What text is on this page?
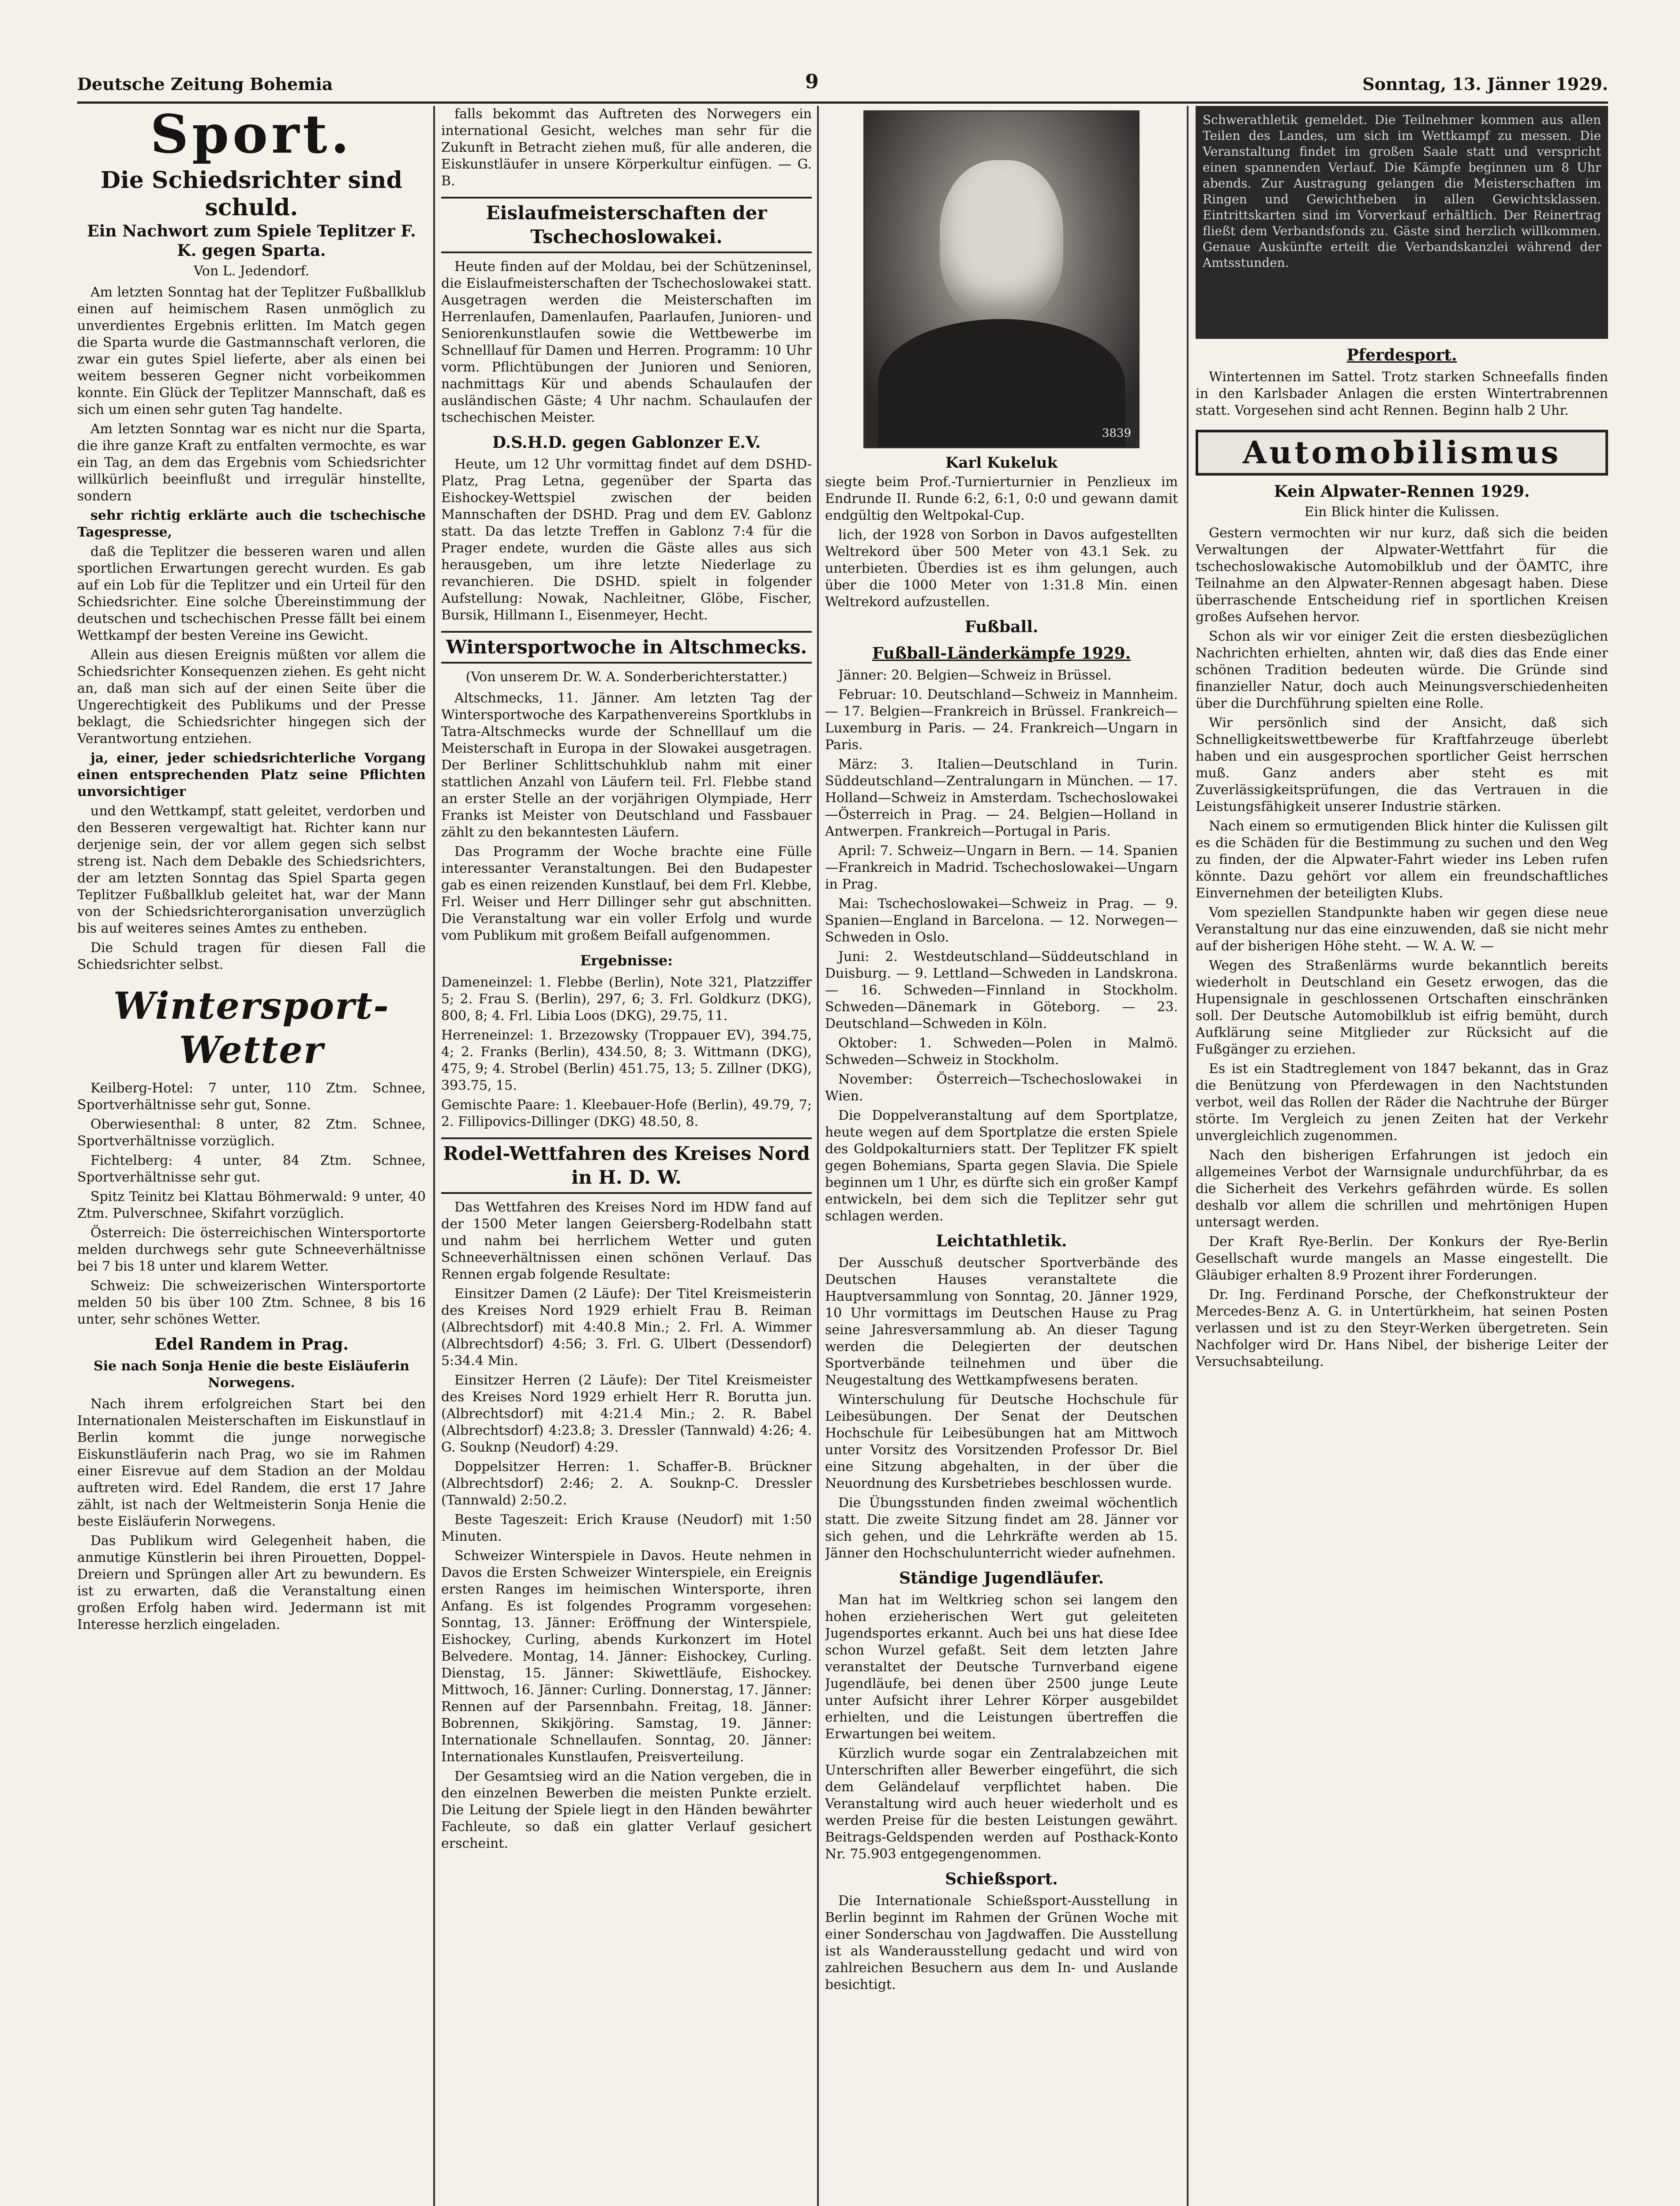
Deutsche Zeitung Bohemia	9	Sonntag, 13. Jänner 1929.
Sport.
Die Schiedsrichter sind schuld.
Ein Nachwort zum Spiele Teplitzer F. K. gegen Sparta.
Von L. Jedendorf.

Am letzten Sonntag hat der Teplitzer Fußballklub einen auf heimischem Rasen unmöglich zu unverdientes Ergebnis erlitten. Im Match gegen die Sparta wurde die Gastmannschaft verloren, die zwar ein gutes Spiel lieferte, aber als einen bei weitem besseren Gegner nicht vorbeikommen konnte. Ein Glück der Teplitzer Mannschaft, daß es sich um einen sehr guten Tag handelte.

Am letzten Sonntag war es nicht nur die Sparta, die ihre ganze Kraft zu entfalten vermochte, es war ein Tag, an dem das Ergebnis vom Schiedsrichter willkürlich beeinflußt und irregulär hinstellte, sondern

sehr richtig erklärte auch die tschechische Tagespresse,

daß die Teplitzer die besseren waren und allen sportlichen Erwartungen gerecht wurden. Es gab auf ein Lob für die Teplitzer und ein Urteil für den Schiedsrichter. Eine solche Übereinstimmung der deutschen und tschechischen Presse fällt bei einem Wettkampf der besten Vereine ins Gewicht.

Allein aus diesen Ereignis müßten vor allem die Schiedsrichter Konsequenzen ziehen. Es geht nicht an, daß man sich auf der einen Seite über die Ungerechtigkeit des Publikums und der Presse beklagt, die Schiedsrichter hingegen sich der Verantwortung entziehen.

ja, einer, jeder schiedsrichterliche Vorgang einen entsprechenden Platz seine Pflichten unvorsichtiger

und den Wettkampf, statt geleitet, verdorben und den Besseren vergewaltigt hat. Richter kann nur derjenige sein, der vor allem gegen sich selbst streng ist. Nach dem Debakle des Schiedsrichters, der am letzten Sonntag das Spiel Sparta gegen Teplitzer Fußballklub geleitet hat, war der Mann von der Schiedsrichterorganisation unverzüglich bis auf weiteres seines Amtes zu entheben.

Die Schuld tragen für diesen Fall die Schiedsrichter selbst.

Wintersport-Wetter

Keilberg-Hotel: 7 unter, 110 Ztm. Schnee, Sportverhältnisse sehr gut, Sonne.

Oberwiesenthal: 8 unter, 82 Ztm. Schnee, Sportverhältnisse vorzüglich.

Fichtelberg: 4 unter, 84 Ztm. Schnee, Sportverhältnisse sehr gut.

Spitz Teinitz bei Klattau Böhmerwald: 9 unter, 40 Ztm. Pulverschnee, Skifahrt vorzüglich.

Österreich: Die österreichischen Wintersportorte melden durchwegs sehr gute Schneeverhältnisse bei 7 bis 18 unter und klarem Wetter.

Schweiz: Die schweizerischen Wintersportorte melden 50 bis über 100 Ztm. Schnee, 8 bis 16 unter, sehr schönes Wetter.

Edel Randem in Prag.
Sie nach Sonja Henie die beste Eisläuferin Norwegens.

Nach ihrem erfolgreichen Start bei den Internationalen Meisterschaften im Eiskunstlauf in Berlin kommt die junge norwegische Eiskunstläuferin nach Prag, wo sie im Rahmen einer Eisrevue auf dem Stadion an der Moldau auftreten wird. Edel Randem, die erst 17 Jahre zählt, ist nach der Weltmeisterin Sonja Henie die beste Eisläuferin Norwegens.

Das Publikum wird Gelegenheit haben, die anmutige Künstlerin bei ihren Pirouetten, Doppel-Dreiern und Sprüngen aller Art zu bewundern. Es ist zu erwarten, daß die Veranstaltung einen großen Erfolg haben wird. Jedermann ist mit Interesse herzlich eingeladen.

falls bekommt das Auftreten des Norwegers ein international Gesicht, welches man sehr für die Zukunft in Betracht ziehen muß, für alle anderen, die Eiskunstläufer in unsere Körperkultur einfügen. — G. B.

Eislaufmeisterschaften der Tschechoslowakei.

Heute finden auf der Moldau, bei der Schützeninsel, die Eislaufmeisterschaften der Tschechoslowakei statt. Ausgetragen werden die Meisterschaften im Herrenlaufen, Damenlaufen, Paarlaufen, Junioren- und Seniorenkunstlaufen sowie die Wettbewerbe im Schnelllauf für Damen und Herren. Programm: 10 Uhr vorm. Pflichtübungen der Junioren und Senioren, nachmittags Kür und abends Schaulaufen der ausländischen Gäste; 4 Uhr nachm. Schaulaufen der tschechischen Meister.

D.S.H.D. gegen Gablonzer E.V.

Heute, um 12 Uhr vormittag findet auf dem DSHD-Platz, Prag Letna, gegenüber der Sparta das Eishockey-Wettspiel zwischen der beiden Mannschaften der DSHD. Prag und dem EV. Gablonz statt. Da das letzte Treffen in Gablonz 7:4 für die Prager endete, wurden die Gäste alles aus sich herausgeben, um ihre letzte Niederlage zu revanchieren. Die DSHD. spielt in folgender Aufstellung: Nowak, Nachleitner, Glöbe, Fischer, Bursik, Hillmann I., Eisenmeyer, Hecht.

Wintersportwoche in Altschmecks.
(Von unserem Dr. W. A. Sonderberichterstatter.)

Altschmecks, 11. Jänner. Am letzten Tag der Wintersportwoche des Karpathenvereins Sportklubs in Tatra-Altschmecks wurde der Schnelllauf um die Meisterschaft in Europa in der Slowakei ausgetragen. Der Berliner Schlittschuhklub nahm mit einer stattlichen Anzahl von Läufern teil. Frl. Flebbe stand an erster Stelle an der vorjährigen Olympiade, Herr Franks ist Meister von Deutschland und Fassbauer zählt zu den bekanntesten Läufern.

Das Programm der Woche brachte eine Fülle interessanter Veranstaltungen. Bei den Budapester gab es einen reizenden Kunstlauf, bei dem Frl. Klebbe, Frl. Weiser und Herr Dillinger sehr gut abschnitten. Die Veranstaltung war ein voller Erfolg und wurde vom Publikum mit großem Beifall aufgenommen.

Ergebnisse:

Dameneinzel: 1. Flebbe (Berlin), Note 321, Platzziffer 5; 2. Frau S. (Berlin), 297, 6; 3. Frl. Goldkurz (DKG), 800, 8; 4. Frl. Libia Loos (DKG), 29.75, 11.

Herreneinzel: 1. Brzezowsky (Troppauer EV), 394.75, 4; 2. Franks (Berlin), 434.50, 8; 3. Wittmann (DKG), 475, 9; 4. Strobel (Berlin) 451.75, 13; 5. Zillner (DKG), 393.75, 15.

Gemischte Paare: 1. Kleebauer-Hofe (Berlin), 49.79, 7; 2. Fillipovics-Dillinger (DKG) 48.50, 8.

Rodel-Wettfahren des Kreises Nord in H. D. W.

Das Wettfahren des Kreises Nord im HDW fand auf der 1500 Meter langen Geiersberg-Rodelbahn statt und nahm bei herrlichem Wetter und guten Schneeverhältnissen einen schönen Verlauf. Das Rennen ergab folgende Resultate:

Einsitzer Damen (2 Läufe): Der Titel Kreismeisterin des Kreises Nord 1929 erhielt Frau B. Reiman (Albrechtsdorf) mit 4:40.8 Min.; 2. Frl. A. Wimmer (Albrechtsdorf) 4:56; 3. Frl. G. Ulbert (Dessendorf) 5:34.4 Min.

Einsitzer Herren (2 Läufe): Der Titel Kreismeister des Kreises Nord 1929 erhielt Herr R. Borutta jun. (Albrechtsdorf) mit 4:21.4 Min.; 2. R. Babel (Albrechtsdorf) 4:23.8; 3. Dressler (Tannwald) 4:26; 4. G. Souknp (Neudorf) 4:29.

Doppelsitzer Herren: 1. Schaffer-B. Brückner (Albrechtsdorf) 2:46; 2. A. Souknp-C. Dressler (Tannwald) 2:50.2.

Beste Tageszeit: Erich Krause (Neudorf) mit 1:50 Minuten.

Schweizer Winterspiele in Davos. Heute nehmen in Davos die Ersten Schweizer Winterspiele, ein Ereignis ersten Ranges im heimischen Wintersporte, ihren Anfang. Es ist folgendes Programm vorgesehen: Sonntag, 13. Jänner: Eröffnung der Winterspiele, Eishockey, Curling, abends Kurkonzert im Hotel Belvedere. Montag, 14. Jänner: Eishockey, Curling. Dienstag, 15. Jänner: Skiwettläufe, Eishockey. Mittwoch, 16. Jänner: Curling. Donnerstag, 17. Jänner: Rennen auf der Parsennbahn. Freitag, 18. Jänner: Bobrennen, Skikjöring. Samstag, 19. Jänner: Internationale Schnellaufen. Sonntag, 20. Jänner: Internationales Kunstlaufen, Preisverteilung.

Der Gesamtsieg wird an die Nation vergeben, die in den einzelnen Bewerben die meisten Punkte erzielt. Die Leitung der Spiele liegt in den Händen bewährter Fachleute, so daß ein glatter Verlauf gesichert erscheint.

3839
Karl Kukeluk

siegte beim Prof.-Turnierturnier in Penzlieux im Endrunde II. Runde 6:2, 6:1, 0:0 und gewann damit endgültig den Weltpokal-Cup.

lich, der 1928 von Sorbon in Davos aufgestellten Weltrekord über 500 Meter von 43.1 Sek. zu unterbieten. Überdies ist es ihm gelungen, auch über die 1000 Meter von 1:31.8 Min. einen Weltrekord aufzustellen.

Fußball.
Fußball-Länderkämpfe 1929.

Jänner: 20. Belgien—Schweiz in Brüssel.

Februar: 10. Deutschland—Schweiz in Mannheim. — 17. Belgien—Frankreich in Brüssel. Frankreich—Luxemburg in Paris. — 24. Frankreich—Ungarn in Paris.

März: 3. Italien—Deutschland in Turin. Süddeutschland—Zentralungarn in München. — 17. Holland—Schweiz in Amsterdam. Tschechoslowakei—Österreich in Prag. — 24. Belgien—Holland in Antwerpen. Frankreich—Portugal in Paris.

April: 7. Schweiz—Ungarn in Bern. — 14. Spanien—Frankreich in Madrid. Tschechoslowakei—Ungarn in Prag.

Mai: Tschechoslowakei—Schweiz in Prag. — 9. Spanien—England in Barcelona. — 12. Norwegen—Schweden in Oslo.

Juni: 2. Westdeutschland—Süddeutschland in Duisburg. — 9. Lettland—Schweden in Landskrona. — 16. Schweden—Finnland in Stockholm. Schweden—Dänemark in Göteborg. — 23. Deutschland—Schweden in Köln.

Oktober: 1. Schweden—Polen in Malmö. Schweden—Schweiz in Stockholm.

November: Österreich—Tschechoslowakei in Wien.

Die Doppelveranstaltung auf dem Sportplatze, heute wegen auf dem Sportplatze die ersten Spiele des Goldpokalturniers statt. Der Teplitzer FK spielt gegen Bohemians, Sparta gegen Slavia. Die Spiele beginnen um 1 Uhr, es dürfte sich ein großer Kampf entwickeln, bei dem sich die Teplitzer sehr gut schlagen werden.

Leichtathletik.

Der Ausschuß deutscher Sportverbände des Deutschen Hauses veranstaltete die Hauptversammlung von Sonntag, 20. Jänner 1929, 10 Uhr vormittags im Deutschen Hause zu Prag seine Jahresversammlung ab. An dieser Tagung werden die Delegierten der deutschen Sportverbände teilnehmen und über die Neugestaltung des Wettkampfwesens beraten.

Winterschulung für Deutsche Hochschule für Leibesübungen. Der Senat der Deutschen Hochschule für Leibesübungen hat am Mittwoch unter Vorsitz des Vorsitzenden Professor Dr. Biel eine Sitzung abgehalten, in der über die Neuordnung des Kursbetriebes beschlossen wurde.

Die Übungsstunden finden zweimal wöchentlich statt. Die zweite Sitzung findet am 28. Jänner vor sich gehen, und die Lehrkräfte werden ab 15. Jänner den Hochschulunterricht wieder aufnehmen.

Ständige Jugendläufer.

Man hat im Weltkrieg schon sei langem den hohen erzieherischen Wert gut geleiteten Jugendsportes erkannt. Auch bei uns hat diese Idee schon Wurzel gefaßt. Seit dem letzten Jahre veranstaltet der Deutsche Turnverband eigene Jugendläufe, bei denen über 2500 junge Leute unter Aufsicht ihrer Lehrer Körper ausgebildet erhielten, und die Leistungen übertreffen die Erwartungen bei weitem.

Kürzlich wurde sogar ein Zentralabzeichen mit Unterschriften aller Bewerber eingeführt, die sich dem Geländelauf verpflichtet haben. Die Veranstaltung wird auch heuer wiederholt und es werden Preise für die besten Leistungen gewährt. Beitrags-Geldspenden werden auf Posthack-Konto Nr. 75.903 entgegengenommen.

Schießsport.

Die Internationale Schießsport-Ausstellung in Berlin beginnt im Rahmen der Grünen Woche mit einer Sonderschau von Jagdwaffen. Die Ausstellung ist als Wanderausstellung gedacht und wird von zahlreichen Besuchern aus dem In- und Auslande besichtigt.

Schwerathletik gemeldet. Die Teilnehmer kommen aus allen Teilen des Landes, um sich im Wettkampf zu messen. Die Veranstaltung findet im großen Saale statt und verspricht einen spannenden Verlauf. Die Kämpfe beginnen um 8 Uhr abends. Zur Austragung gelangen die Meisterschaften im Ringen und Gewichtheben in allen Gewichtsklassen. Eintrittskarten sind im Vorverkauf erhältlich. Der Reinertrag fließt dem Verbandsfonds zu. Gäste sind herzlich willkommen. Genaue Auskünfte erteilt die Verbandskanzlei während der Amtsstunden.
Pferdesport.

Wintertennen im Sattel. Trotz starken Schneefalls finden in den Karlsbader Anlagen die ersten Wintertrabrennen statt. Vorgesehen sind acht Rennen. Beginn halb 2 Uhr.

Automobilismus
Kein Alpwater-Rennen 1929.
Ein Blick hinter die Kulissen.

Gestern vermochten wir nur kurz, daß sich die beiden Verwaltungen der Alpwater-Wettfahrt für die tschechoslowakische Automobilklub und der ÖAMTC, ihre Teilnahme an den Alpwater-Rennen abgesagt haben. Diese überraschende Entscheidung rief in sportlichen Kreisen großes Aufsehen hervor.

Schon als wir vor einiger Zeit die ersten diesbezüglichen Nachrichten erhielten, ahnten wir, daß dies das Ende einer schönen Tradition bedeuten würde. Die Gründe sind finanzieller Natur, doch auch Meinungsverschiedenheiten über die Durchführung spielten eine Rolle.

Wir persönlich sind der Ansicht, daß sich Schnelligkeitswettbewerbe für Kraftfahrzeuge überlebt haben und ein ausgesprochen sportlicher Geist herrschen muß. Ganz anders aber steht es mit Zuverlässigkeitsprüfungen, die das Vertrauen in die Leistungsfähigkeit unserer Industrie stärken.

Nach einem so ermutigenden Blick hinter die Kulissen gilt es die Schäden für die Bestimmung zu suchen und den Weg zu finden, der die Alpwater-Fahrt wieder ins Leben rufen könnte. Dazu gehört vor allem ein freundschaftliches Einvernehmen der beteiligten Klubs.

Vom speziellen Standpunkte haben wir gegen diese neue Veranstaltung nur das eine einzuwenden, daß sie nicht mehr auf der bisherigen Höhe steht. — W. A. W. —

Wegen des Straßenlärms wurde bekanntlich bereits wiederholt in Deutschland ein Gesetz erwogen, das die Hupensignale in geschlossenen Ortschaften einschränken soll. Der Deutsche Automobilklub ist eifrig bemüht, durch Aufklärung seine Mitglieder zur Rücksicht auf die Fußgänger zu erziehen.

Es ist ein Stadtreglement von 1847 bekannt, das in Graz die Benützung von Pferdewagen in den Nachtstunden verbot, weil das Rollen der Räder die Nachtruhe der Bürger störte. Im Vergleich zu jenen Zeiten hat der Verkehr unvergleichlich zugenommen.

Nach den bisherigen Erfahrungen ist jedoch ein allgemeines Verbot der Warnsignale undurchführbar, da es die Sicherheit des Verkehrs gefährden würde. Es sollen deshalb vor allem die schrillen und mehrtönigen Hupen untersagt werden.

Der Kraft Rye-Berlin. Der Konkurs der Rye-Berlin Gesellschaft wurde mangels an Masse eingestellt. Die Gläubiger erhalten 8.9 Prozent ihrer Forderungen.

Dr. Ing. Ferdinand Porsche, der Chefkonstrukteur der Mercedes-Benz A. G. in Untertürkheim, hat seinen Posten verlassen und ist zu den Steyr-Werken übergetreten. Sein Nachfolger wird Dr. Hans Nibel, der bisherige Leiter der Versuchsabteilung.
